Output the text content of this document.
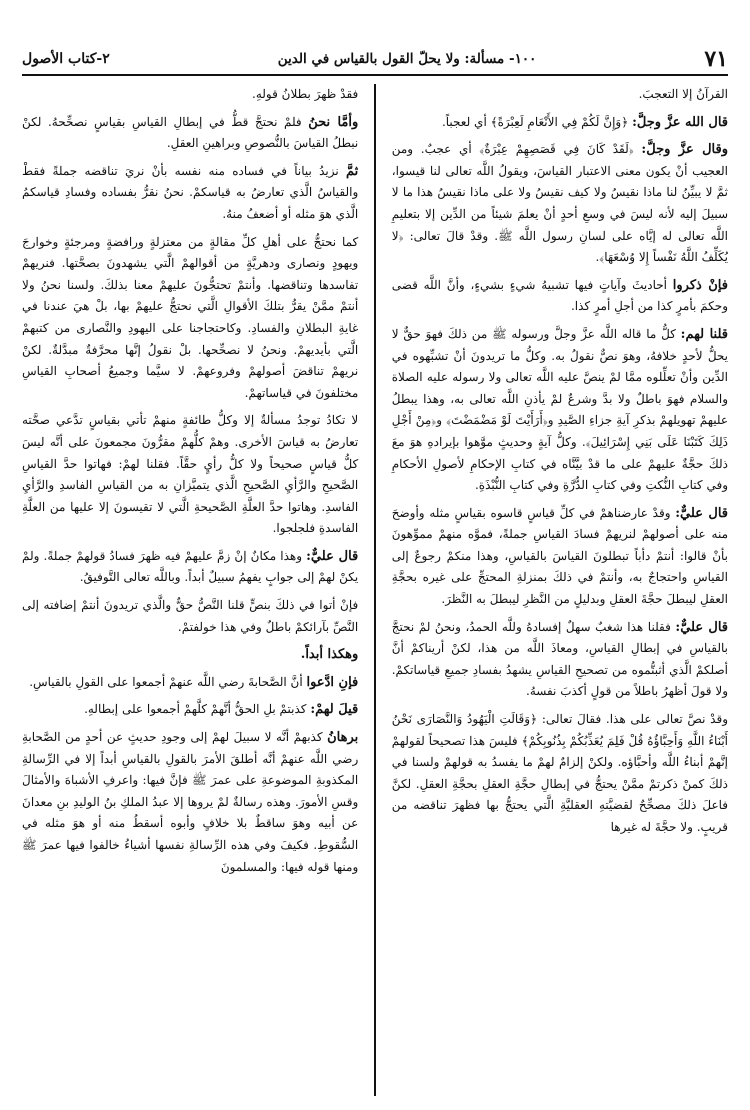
٧١
١٠٠- مسألة: ولا يحلّ القول بالقياس في الدين
٢-كتاب الأصول

القرآنُ إلا التعجبَ.

قال الله عزَّ وجلَّ: ﴿وَإِنَّ لَكُمْ فِي الأَنْعَامِ لَعِبْرَةً﴾ أي لعجباً.

وقال عزَّ وجلَّ: ﴿لَقَدْ كَانَ فِي قَصَصِهِمْ عِبْرَةٌ﴾ أي عجبٌ. ومن العجيب أنْ يكون معنى الاعتبار القياسَ، ويقولُ اللَّه تعالى لنا قيسوا، ثمَّ لا يبيِّنُ لنا ماذا نقيسُ ولا كيف نقيسُ ولا على ماذا نقيسُ هذا ما لا سبيلَ إليه لأنه ليسَ في وسعِ أحدٍ أنْ يعلمَ شيئاً من الدِّين إلا بتعليمِ اللَّه تعالى له إيَّاه على لسانِ رسول اللَّه ﷺ. وقدْ قالَ تعالى: ﴿لا يُكَلِّفُ اللَّهُ نَفْساً إِلا وُسْعَهَا﴾.

فإنْ ذكروا أحاديثَ وآياتٍ فيها تشبيهُ شيءٍ بشيءٍ، وأنَّ اللَّه قضى وحكمَ بأمرٍ كذا من أجلِ أمرٍ كذا.

قلنا لهم: كلُّ ما قاله اللَّه عزَّ وجلَّ ورسوله ﷺ من ذلكَ فهوَ حقٌّ لا يحلُّ لأحدٍ خلافهُ، وهوَ نصٌّ نقولُ به. وكلُّ ما تريدونَ أنْ تشبِّهوه في الدِّين وأنْ تعلِّلوه ممَّا لمْ ينصَّ عليه اللَّه تعالى ولا رسوله عليه الصلاة والسلام فهوَ باطلٌ ولا بدَّ وشرعٌ لمْ يأذنِ اللَّه تعالى به، وهذا يبطلُ عليهمْ تهويلهمْ بذكرِ آيةِ جزاءِ الصَّيدِ و﴿أَرَأَيْتَ لَوْ مَضْمَضْتَ﴾ و﴿مِنْ أَجْلِ ذَلِكَ كَتَبْنَا عَلَى بَنِي إِسْرَائِيلَ﴾. وكلُّ آيةٍ وحديثٍ موَّهوا بإيرادهِ هوَ معَ ذلكَ حجَّةٌ عليهمْ على ما قدْ بيَّنَّاه في كتابِ الإحكامِ لأصولِ الأحكامِ وفي كتابِ النُّكتِ وفي كتابِ الدُّرَّةِ وفي كتابِ النُّبْذَةِ.

قال عليٌّ: وقدْ عارضناهمْ في كلِّ قياسٍ قاسوه بقياسٍ مثله وأوضحَ منه على أصولهمْ لنريهمْ فسادَ القياسِ جملةً، فموَّه منهمْ مموِّهونَ بأنْ قالوا: أنتمْ دأباً تبطلونَ القياسَ بالقياسِ، وهذا منكمْ رجوعٌ إلى القياسِ واحتجاجٌ به، وأنتمْ في ذلكَ بمنزلةِ المحتجِّ على غيره بحجَّةِ العقلِ ليبطلَ حجَّةَ العقلِ وبدليلٍ من النَّظرِ ليبطلَ به النَّظرَ.

قال عليٌّ: فقلنا هذا شغبٌ سهلٌ إفسادهُ وللَّه الحمدُ، ونحنُ لمْ نحتجَّ بالقياسِ في إبطالِ القياسِ، ومعاذَ اللَّه من هذا، لكنْ أريناكمْ أنَّ أصلكمْ الَّذي أثبتُّموه من تصحيحِ القياسِ يشهدُ بفسادِ جميعِ قياساتكمْ. ولا قولَ أظهرُ باطلاً من قولٍ أكذبَ نفسهُ.

وقدْ نصَّ تعالى على هذا. فقالَ تعالى: ﴿وَقَالَتِ الْيَهُودُ وَالنَّصَارَى نَحْنُ أَبْنَاءُ اللَّهِ وَأَحِبَّاؤُهُ قُلْ فَلِمَ يُعَذِّبُكُمْ بِذُنُوبِكُمْ﴾ فليسَ هذا تصحيحاً لقولهمْ إنَّهمْ أبناءُ اللَّه وأحبَّاؤه. ولكنْ إلزامٌ لهمْ ما يفسدُ به قولهمْ ولسنا في ذلكَ كمنْ ذكرتمْ ممَّنْ يحتجُّ في إبطالِ حجَّةِ العقلِ بحجَّةِ العقلِ. لكنَّ فاعلَ ذلكَ مصحِّحٌ لقضيَّتهِ العقليَّةِ الَّتي يحتجُّ بها فظهرَ تناقضه من قريبٍ. ولا حجَّةَ له غيرها

فقدْ ظهرَ بطلانُ قولهِ.

وأمَّا نحنُ فلمْ نحتجَّ قطُّ في إبطالِ القياسِ بقياسٍ نصحِّحهُ. لكنْ نبطلُ القياسَ بالنُّصوصِ وبراهينِ العقلِ.

ثمَّ نزيدُ بياناً في فساده منه نفسه بأنْ نريَ تناقضه جملةً فقطْ والقياسُ الَّذي تعارضُ به قياسكمْ. نحنُ نقرُّ بفساده وفسادِ قياسكمُ الَّذي هوَ مثله أو أضعفُ منهُ.

كما نحتجُّ على أهلِ كلِّ مقالةٍ من معتزلةٍ ورافضةٍ ومرجئةٍ وخوارجَ ويهودٍ ونصارى ودهريَّةٍ من أقوالهمْ الَّتي يشهدونَ بصحَّتها. فنريهمْ تفاسدها وتناقضها. وأنتمْ تحتجُّونَ عليهمْ معنا بذلكَ. ولسنا نحنُ ولا أنتمْ ممَّنْ يقرُّ بتلكَ الأقوالِ الَّتي نحتجُّ عليهمْ بها، بلْ هيَ عندنا في غايةِ البطلانِ والفسادِ. وكاحتجاجنا على اليهودِ والنَّصارى من كتبهمْ الَّتي بأيديهمْ. ونحنُ لا نصحِّحها. بلْ نقولُ إنَّها محرَّفةٌ مبدَّلةٌ. لكنْ نريهمْ تناقضَ أصولهمْ وفروعهمْ. لا سيَّما وجميعُ أصحابِ القياسِ مختلفونَ في قياساتهمْ.

لا تكادُ توجدُ مسألةٌ إلا وكلُّ طائفةٍ منهمْ تأتي بقياسٍ تدَّعي صحَّته تعارضُ به قياسَ الأخرى. وهمْ كلُّهمْ مقرُّونَ مجمعونَ على أنَّه ليسَ كلُّ قياسٍ صحيحاً ولا كلُّ رأيٍ حقَّاً. فقلنا لهمْ: فهاتوا حدَّ القياسِ الصَّحيحِ والرَّأيِ الصَّحيحِ الَّذي يتميَّزانِ به من القياسِ الفاسدِ والرَّأيِ الفاسدِ. وهاتوا حدَّ العلَّةِ الصَّحيحةِ الَّتي لا تقيسونَ إلا عليها من العلَّةِ الفاسدةِ فلجلجوا.

قال عليٌّ: وهذا مكانٌ إنْ زمَّ عليهمْ فيه ظهرَ فسادُ قولهمْ جملةً. ولمْ يكنْ لهمْ إلى جوابٍ يفهمُ سبيلٌ أبداً. وباللَّه تعالى التَّوفيقُ.

فإنْ أتوا في ذلكَ بنصٍّ قلنا النَّصُّ حقٌّ والَّذي تريدونَ أنتمْ إضافته إلى النَّصِّ بآرائكمْ باطلٌ وفي هذا خولفتمْ.

وهكذا أبداً.

فإنِ ادَّعوا أنَّ الصَّحابةَ رضي اللَّه عنهمْ أجمعوا على القولِ بالقياسِ.

قيلَ لهمْ: كذبتمْ بلِ الحقُّ أنَّهمْ كلَّهمْ أجمعوا على إبطالهِ.

برهانُ كذبهمْ أنَّه لا سبيلَ لهمْ إلى وجودِ حديثٍ عن أحدٍ من الصَّحابةِ رضي اللَّه عنهمْ أنَّه أطلقَ الأمرَ بالقولِ بالقياسِ أبداً إلا في الرِّسالةِ المكذوبةِ الموضوعةِ على عمرَ ﷺ فإنَّ فيها: واعرفِ الأشباهَ والأمثالَ وقسِ الأمورَ. وهذه رسالةٌ لمْ يروها إلا عبدُ الملكِ بنُ الوليدِ بنِ معدانَ عن أبيه وهوَ ساقطٌ بلا خلافٍ وأبوه أسقطُ منه أو هوَ مثله في السُّقوطِ. فكيفَ وفي هذه الرِّسالةِ نفسها أشياءُ خالفوا فيها عمرَ ﷺ ومنها قوله فيها: والمسلمونَ
